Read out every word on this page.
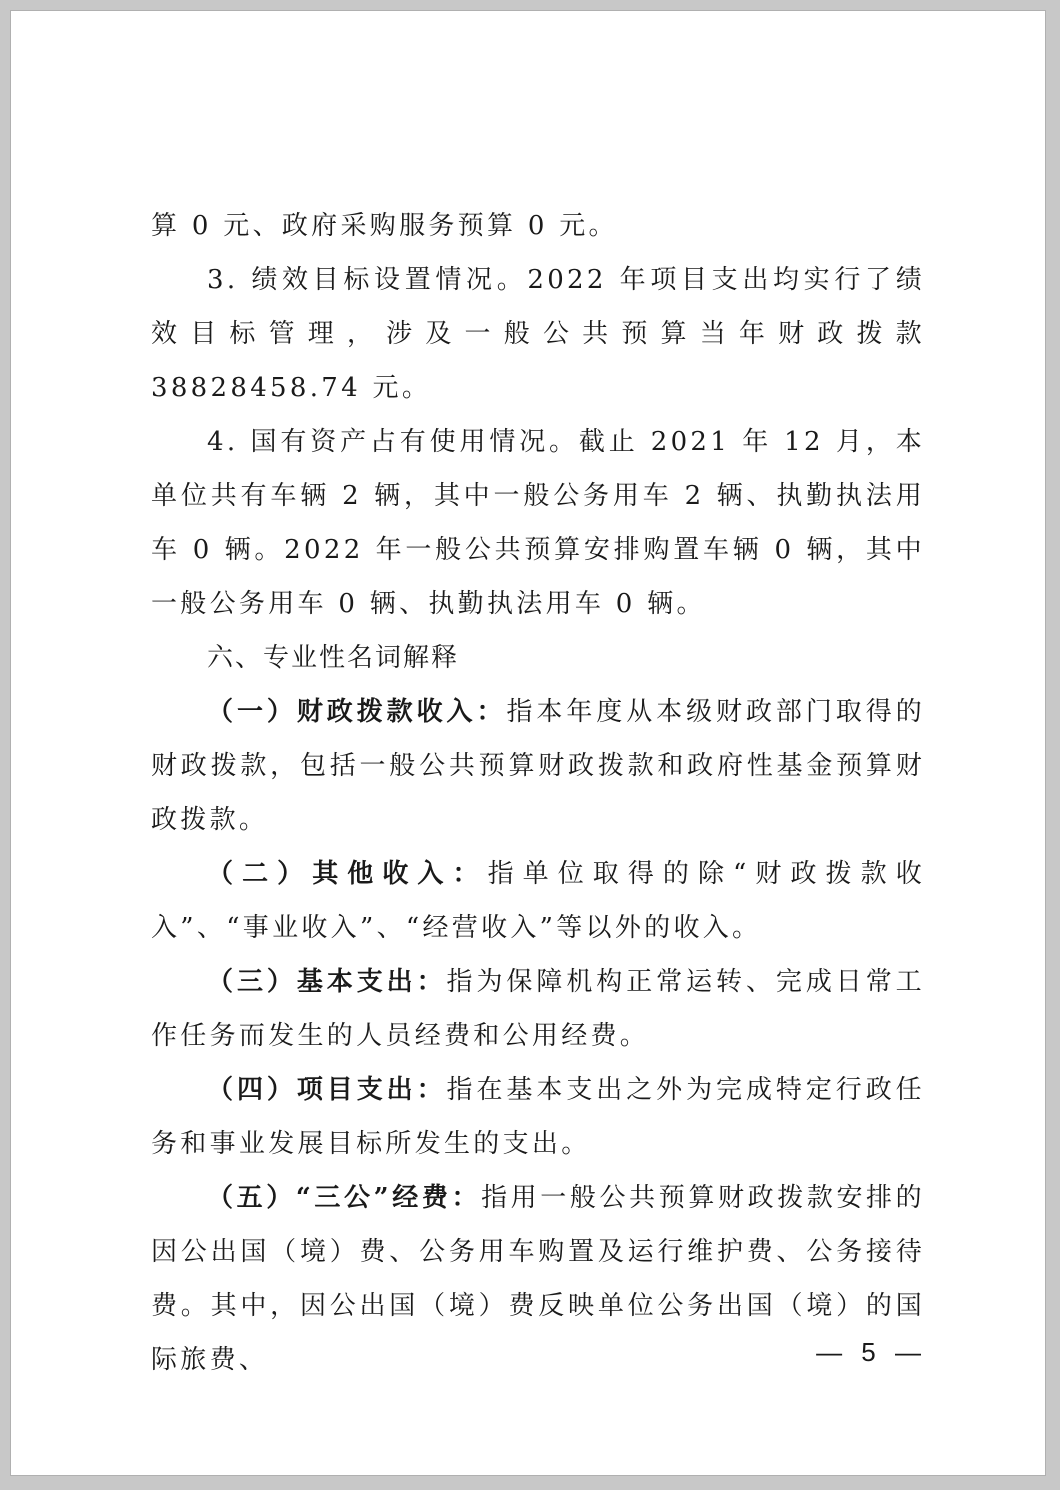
算 0 元、政府采购服务预算 0 元。

3. 绩效目标设置情况。2022 年项目支出均实行了绩效目标管理，涉及一般公共预算当年财政拨款 38828458.74 元。

4. 国有资产占有使用情况。截止 2021 年 12 月，本单位共有车辆 2 辆，其中一般公务用车 2 辆、执勤执法用车 0 辆。2022 年一般公共预算安排购置车辆 0 辆，其中一般公务用车 0 辆、执勤执法用车 0 辆。

六、专业性名词解释

（一）财政拨款收入：指本年度从本级财政部门取得的财政拨款，包括一般公共预算财政拨款和政府性基金预算财政拨款。

（二）其他收入：指单位取得的除“财政拨款收入”、“事业收入”、“经营收入”等以外的收入。

（三）基本支出：指为保障机构正常运转、完成日常工作任务而发生的人员经费和公用经费。

（四）项目支出：指在基本支出之外为完成特定行政任务和事业发展目标所发生的支出。

（五）“三公”经费：指用一般公共预算财政拨款安排的因公出国（境）费、公务用车购置及运行维护费、公务接待费。其中，因公出国（境）费反映单位公务出国（境）的国际旅费、	— 5 —
